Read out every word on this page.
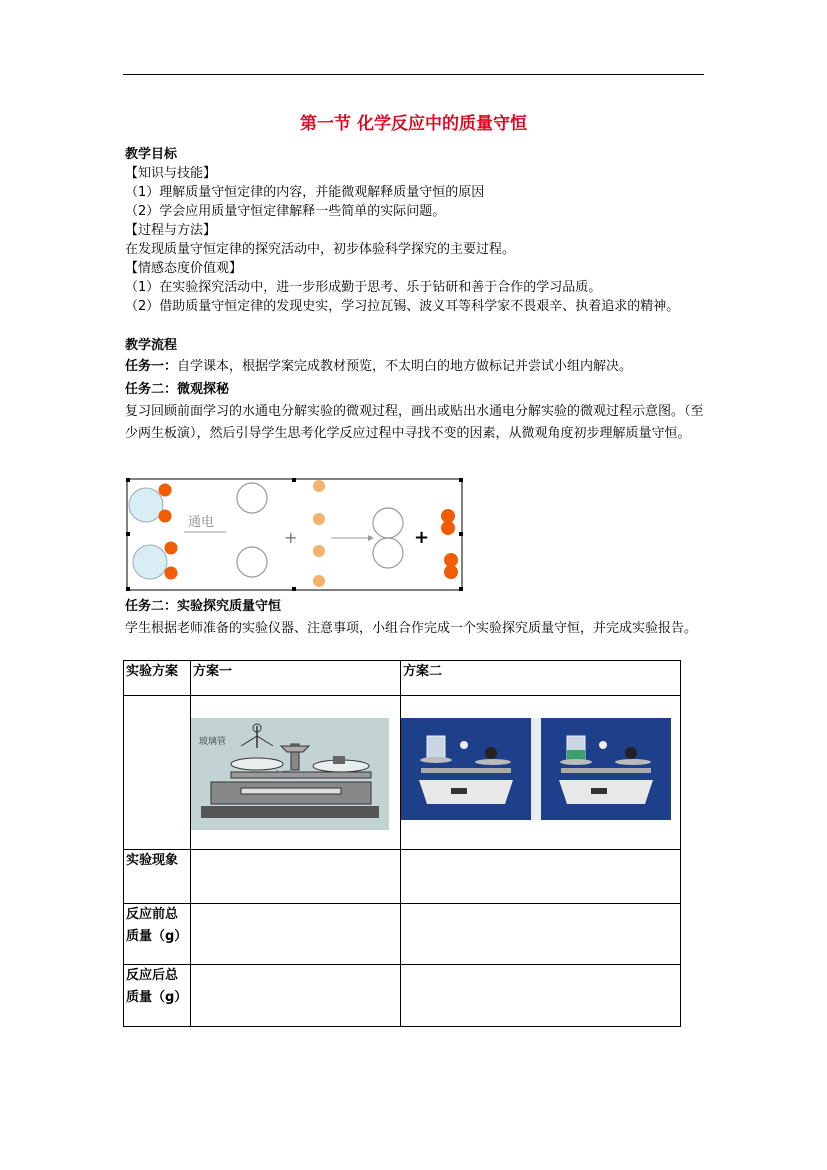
第一节 化学反应中的质量守恒
教学目标
【知识与技能】
（1）理解质量守恒定律的内容，并能微观解释质量守恒的原因
（2）学会应用质量守恒定律解释一些简单的实际问题。
【过程与方法】
在发现质量守恒定律的探究活动中，初步体验科学探究的主要过程。
【情感态度价值观】
（1）在实验探究活动中，进一步形成勤于思考、乐于钻研和善于合作的学习品质。
（2）借助质量守恒定律的发现史实，学习拉瓦锡、波义耳等科学家不畏艰辛、执着追求的精神。
教学流程
任务一：自学课本，根据学案完成教材预览，不太明白的地方做标记并尝试小组内解决。
任务二：微观探秘
复习回顾前面学习的水通电分解实验的微观过程，画出或贴出水通电分解实验的微观过程示意图。（至少两生板演），然后引导学生思考化学反应过程中寻找不变的因素，从微观角度初步理解质量守恒。
通电
+	+
任务二：实验探究质量守恒
学生根据老师准备的实验仪器、注意事项，小组合作完成一个实验探究质量守恒，并完成实验报告。
实验方案	方案一	方案二

玻璃管

实验现象		
反应前总质量（g）		
反应后总质量（g）		
